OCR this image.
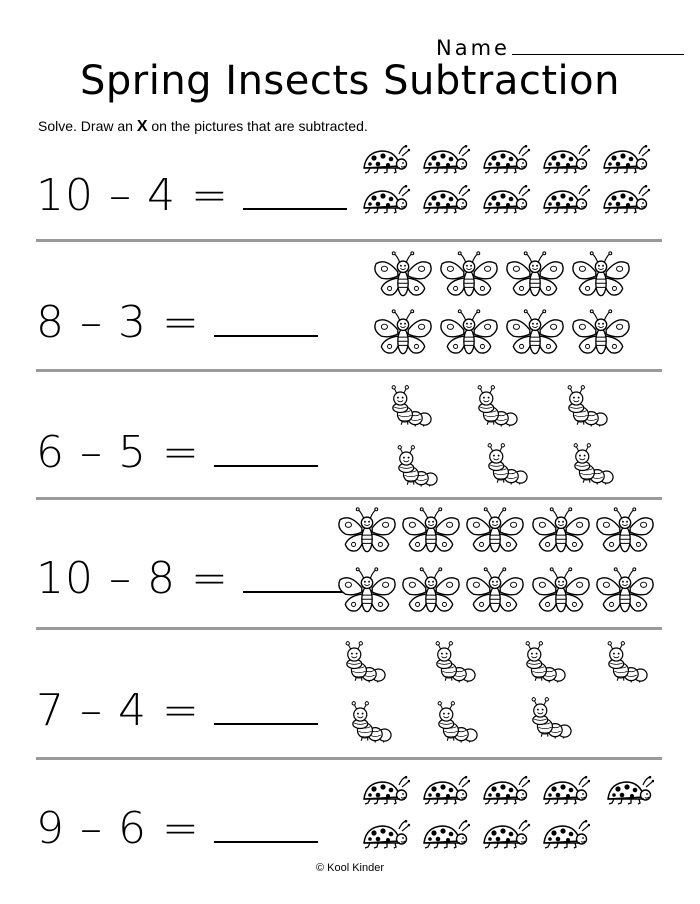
Name
Spring Insects Subtraction
Solve. Draw an X on the pictures that are subtracted.
10 – 4 =
8 – 3 =
6 – 5 =
10 – 8 =
7 – 4 =
9 – 6 =
© Kool Kinder
